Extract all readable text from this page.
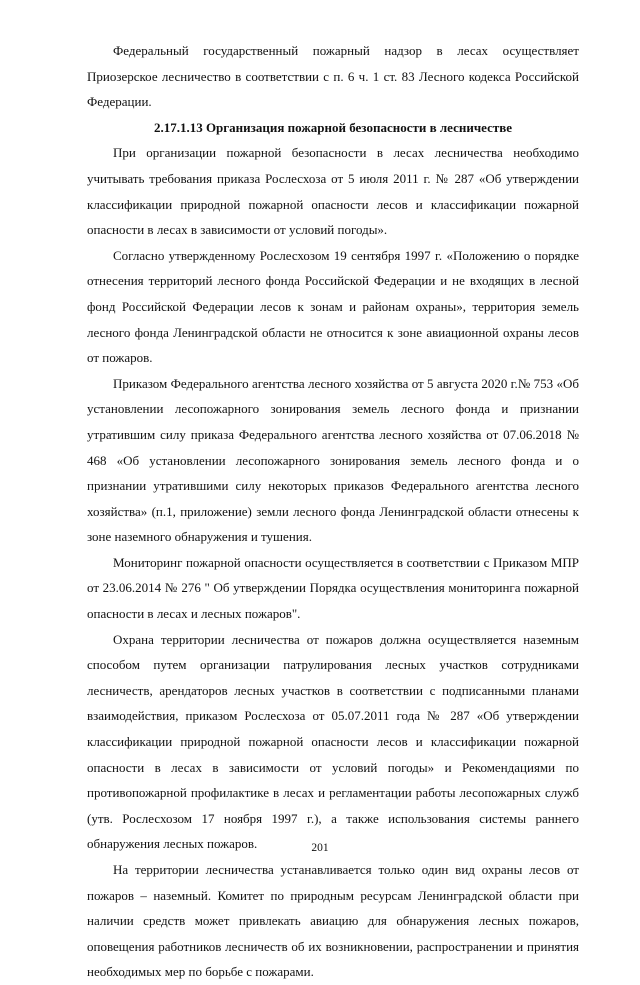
Федеральный государственный пожарный надзор в лесах осуществляет Приозерское лесничество в соответствии с п. 6 ч. 1 ст. 83 Лесного кодекса Российской Федерации.

2.17.1.13 Организация пожарной безопасности в лесничестве

При организации пожарной безопасности в лесах лесничества необходимо учитывать требования приказа Рослесхоза от 5 июля 2011 г. № 287 «Об утверждении классификации природной пожарной опасности лесов и классификации пожарной опасности в лесах в зависимости от условий погоды».

Согласно утвержденному Рослесхозом 19 сентября 1997 г. «Положению о порядке отнесения территорий лесного фонда Российской Федерации и не входящих в лесной фонд Российской Федерации лесов к зонам и районам охраны», территория земель лесного фонда Ленинградской области не относится к зоне авиационной охраны лесов от пожаров.

Приказом Федерального агентства лесного хозяйства от 5 августа 2020 г.№ 753 «Об установлении лесопожарного зонирования земель лесного фонда и признании утратившим силу приказа Федерального агентства лесного хозяйства от 07.06.2018 № 468 «Об установлении лесопожарного зонирования земель лесного фонда и о признании утратившими силу некоторых приказов Федерального агентства лесного хозяйства» (п.1, приложение) земли лесного фонда Ленинградской области отнесены к зоне наземного обнаружения и тушения.

Мониторинг пожарной опасности осуществляется в соответствии с Приказом МПР от 23.06.2014 № 276 " Об утверждении Порядка осуществления мониторинга пожарной опасности в лесах и лесных пожаров".

Охрана территории лесничества от пожаров должна осуществляется наземным способом путем организации патрулирования лесных участков сотрудниками лесничеств, арендаторов лесных участков в соответствии с подписанными планами взаимодействия, приказом Рослесхоза от 05.07.2011 года № 287 «Об утверждении классификации природной пожарной опасности лесов и классификации пожарной опасности в лесах в зависимости от условий погоды» и Рекомендациями по противопожарной профилактике в лесах и регламентации работы лесопожарных служб (утв. Рослесхозом 17 ноября 1997 г.), а также использования системы раннего обнаружения лесных пожаров.

На территории лесничества устанавливается только один вид охраны лесов от пожаров – наземный. Комитет по природным ресурсам Ленинградской области при наличии средств может привлекать авиацию для обнаружения лесных пожаров, оповещения работников лесничеств об их возникновении, распространении и принятия необходимых мер по борьбе с пожарами.

201
